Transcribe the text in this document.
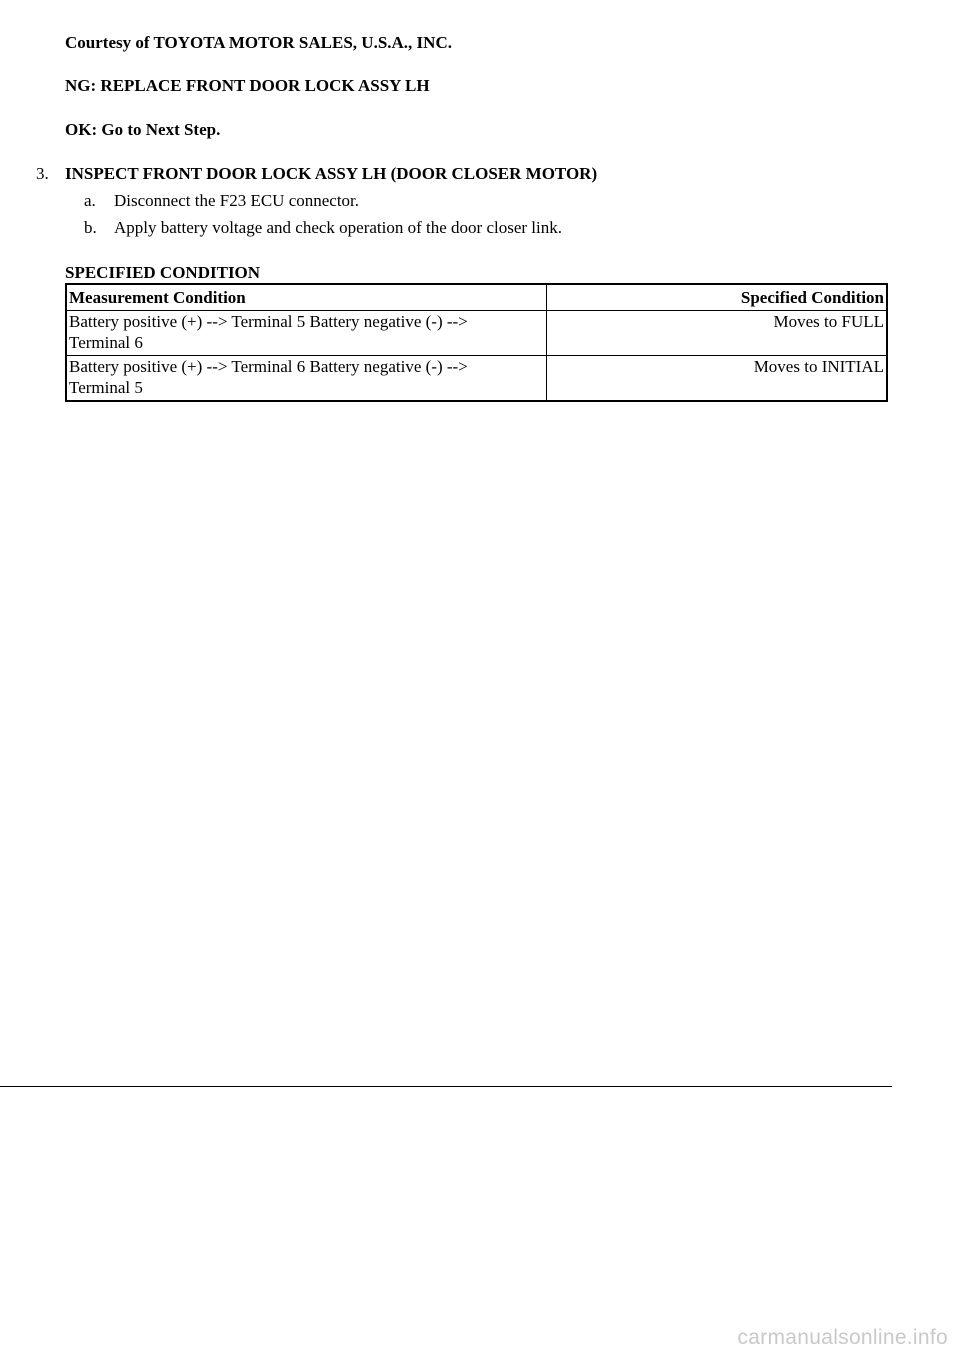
Courtesy of TOYOTA MOTOR SALES, U.S.A., INC.
NG: REPLACE FRONT DOOR LOCK ASSY LH
OK: Go to Next Step.
3. INSPECT FRONT DOOR LOCK ASSY LH (DOOR CLOSER MOTOR)
a. Disconnect the F23 ECU connector.
b. Apply battery voltage and check operation of the door closer link.
SPECIFIED CONDITION
Measurement Condition	Specified Condition
Battery positive (+) --> Terminal 5 Battery negative (-) -->
Terminal 6	Moves to FULL
Battery positive (+) --> Terminal 6 Battery negative (-) -->
Terminal 5	Moves to INITIAL
carmanualsonline.info
